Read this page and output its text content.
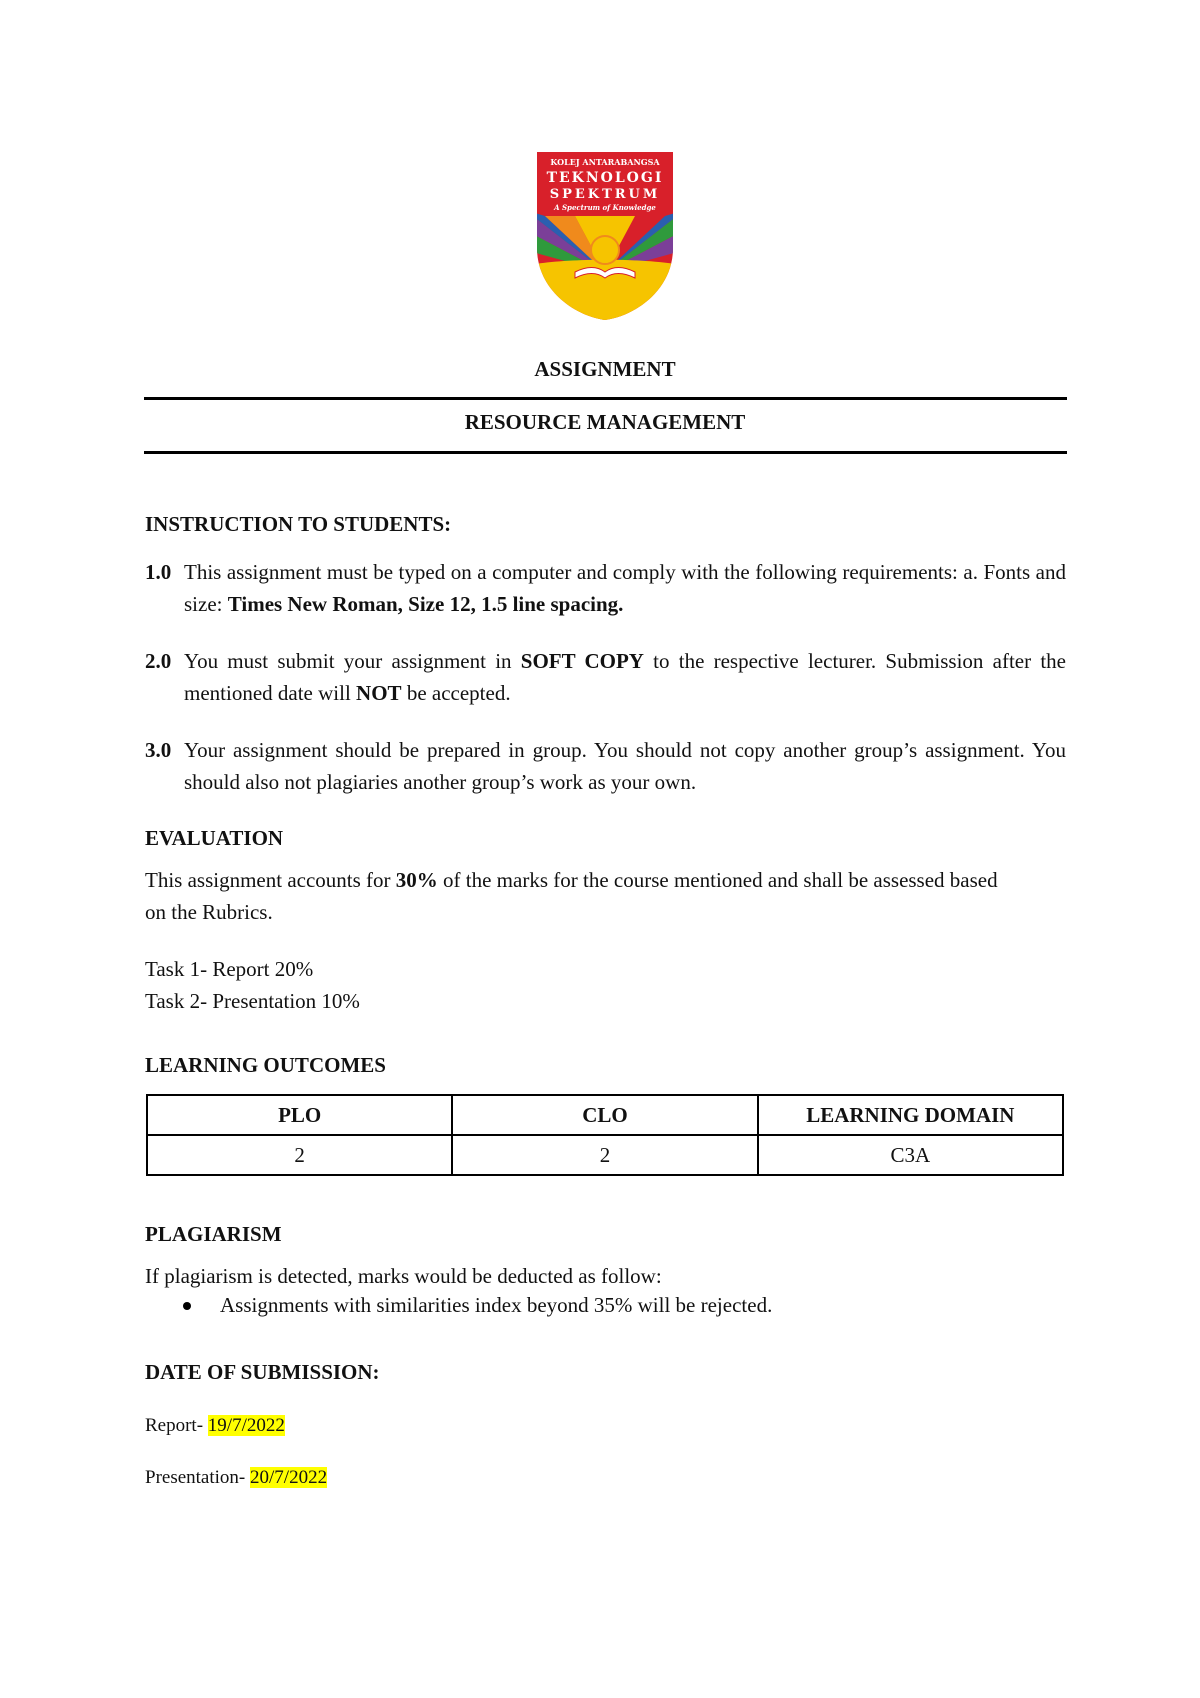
KOLEJ ANTARABANGSA
TEKNOLOGI
SPEKTRUM
A Spectrum of Knowledge
ASSIGNMENT
RESOURCE MANAGEMENT
INSTRUCTION TO STUDENTS:
1.0 This assignment must be typed on a computer and comply with the following requirements: a. Fonts and size: Times New Roman, Size 12, 1.5 line spacing.
2.0 You must submit your assignment in SOFT COPY to the respective lecturer. Submission after the mentioned date will NOT be accepted.
3.0 Your assignment should be prepared in group. You should not copy another group’s assignment. You should also not plagiaries another group’s work as your own.
EVALUATION
This assignment accounts for 30% of the marks for the course mentioned and shall be assessed based on the Rubrics.
Task 1- Report 20%
Task 2- Presentation 10%
LEARNING OUTCOMES
PLO	CLO	LEARNING DOMAIN
2	2	C3A
PLAGIARISM
If plagiarism is detected, marks would be deducted as follow:
Assignments with similarities index beyond 35% will be rejected.
DATE OF SUBMISSION:
Report- 19/7/2022
Presentation- 20/7/2022
